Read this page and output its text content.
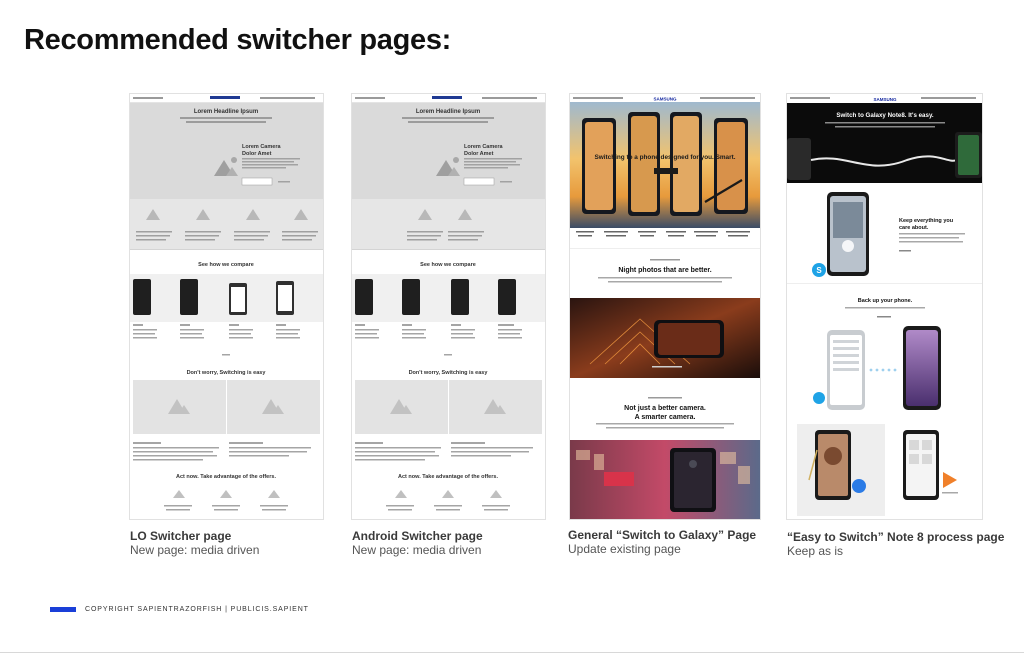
Recommended switcher pages:
Lorem Headline Ipsum
Lorem Camera
Dolor Amet
See how we compare
Don't worry, Switching is easy
Act now. Take advantage of the offers.
Lorem Headline Ipsum
Lorem Camera
Dolor Amet
See how we compare
Don't worry, Switching is easy
Act now. Take advantage of the offers.
SAMSUNG
Switching to a phone designed for you. Smart.
Night photos that are better.
Not just a better camera.
A smarter camera.
SAMSUNG
Switch to Galaxy Note8. It's easy.
S
Keep everything you
care about.
Back up your phone.
LO Switcher page
New page: media driven
Android Switcher page
New page: media driven
General “Switch to Galaxy” Page
Update existing page
“Easy to Switch” Note 8 process page
Keep as is
COPYRIGHT SAPIENTRAZORFISH | PUBLICIS.SAPIENT
